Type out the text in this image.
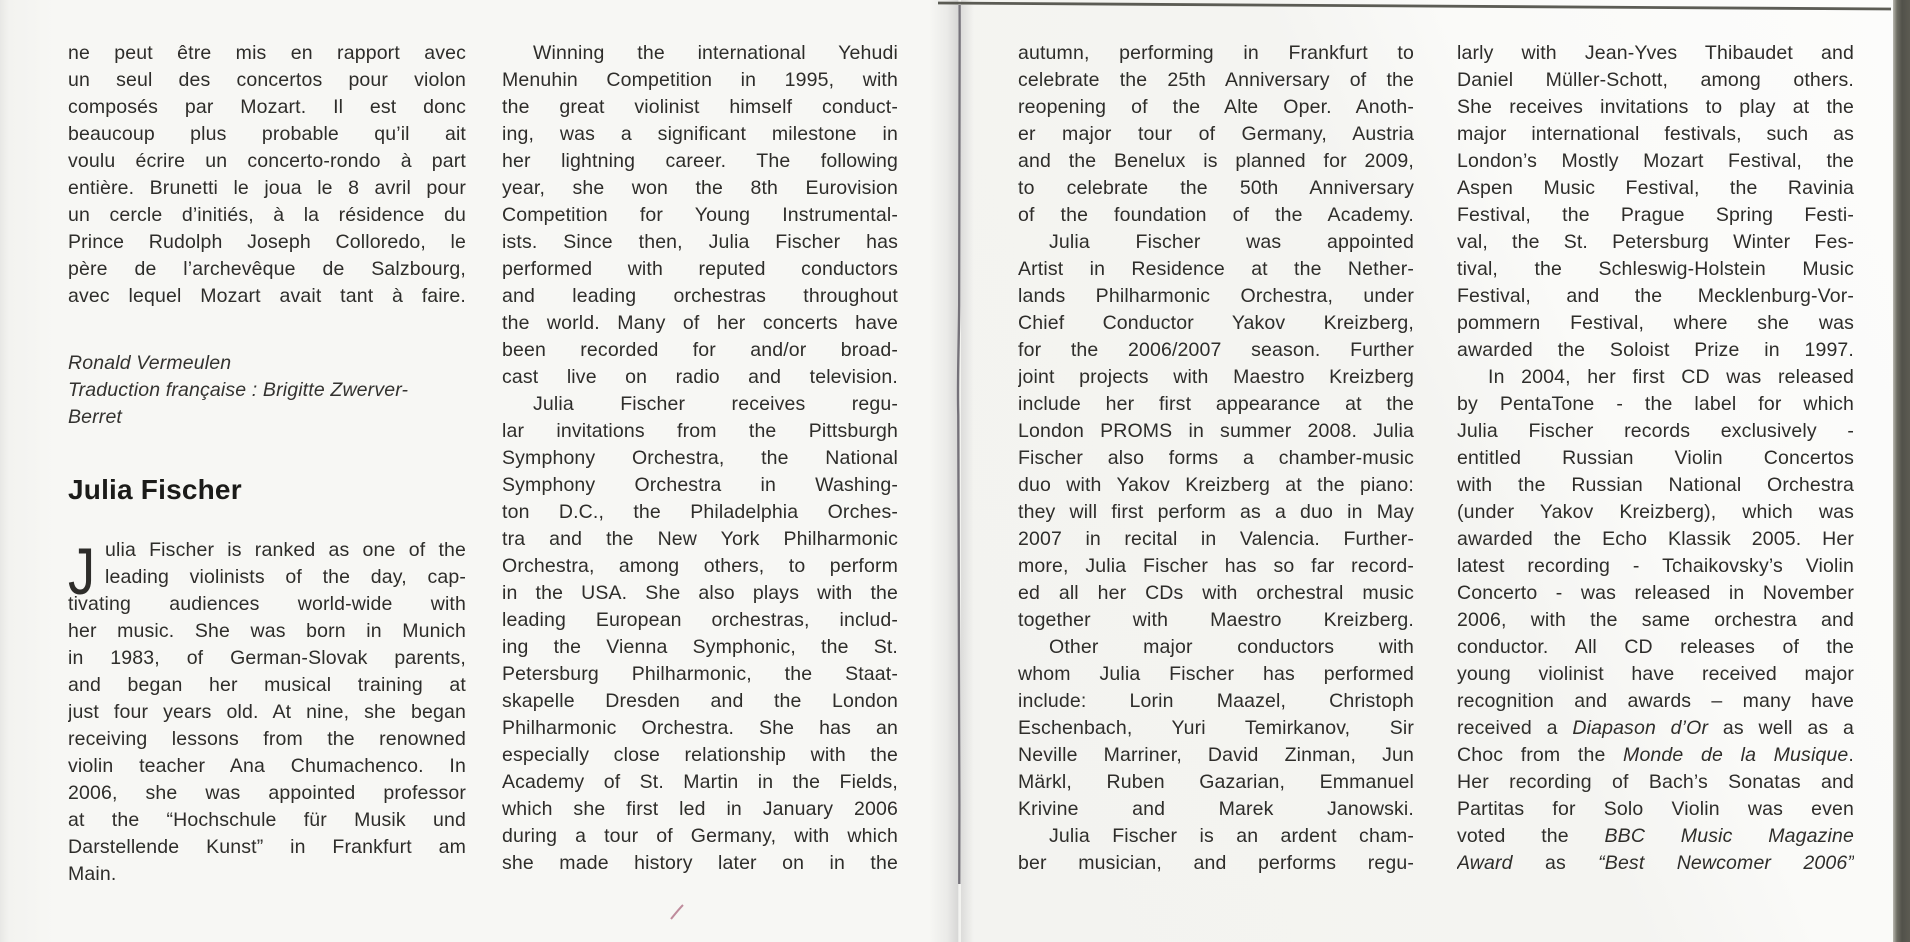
ne peut être mis en rapport avec
un seul des concertos pour violon
composés par Mozart. Il est donc
beaucoup plus probable qu’il ait
voulu écrire un concerto-rondo à part
entière. Brunetti le joua le 8 avril pour
un cercle d’initiés, à la résidence du
Prince Rudolph Joseph Colloredo, le
père de l’archevêque de Salzbourg,
avec lequel Mozart avait tant à faire.
Ronald Vermeulen
Traduction française : Brigitte Zwerver-
Berret
Julia Fischer
J ulia Fischer is ranked as one of the
leading violinists of the day, cap-
tivating audiences world-wide with
her music. She was born in Munich
in 1983, of German-Slovak parents,
and began her musical training at
just four years old. At nine, she began
receiving lessons from the renowned
violin teacher Ana Chumachenco. In
2006, she was appointed professor
at the “Hochschule für Musik und
Darstellende Kunst” in Frankfurt am
Main.
Winning the international Yehudi
Menuhin Competition in 1995, with
the great violinist himself conduct-
ing, was a significant milestone in
her lightning career. The following
year, she won the 8th Eurovision
Competition for Young Instrumental-
ists. Since then, Julia Fischer has
performed with reputed conductors
and leading orchestras throughout
the world. Many of her concerts have
been recorded for and/or broad-
cast live on radio and television.
Julia Fischer receives regu-
lar invitations from the Pittsburgh
Symphony Orchestra, the National
Symphony Orchestra in Washing-
ton D.C., the Philadelphia Orches-
tra and the New York Philharmonic
Orchestra, among others, to perform
in the USA. She also plays with the
leading European orchestras, includ-
ing the Vienna Symphonic, the St.
Petersburg Philharmonic, the Staat-
skapelle Dresden and the London
Philharmonic Orchestra. She has an
especially close relationship with the
Academy of St. Martin in the Fields,
which she first led in January 2006
during a tour of Germany, with which
she made history later on in the
autumn, performing in Frankfurt to
celebrate the 25th Anniversary of the
reopening of the Alte Oper. Anoth-
er major tour of Germany, Austria
and the Benelux is planned for 2009,
to celebrate the 50th Anniversary
of the foundation of the Academy.
Julia Fischer was appointed
Artist in Residence at the Nether-
lands Philharmonic Orchestra, under
Chief Conductor Yakov Kreizberg,
for the 2006/2007 season. Further
joint projects with Maestro Kreizberg
include her first appearance at the
London PROMS in summer 2008. Julia
Fischer also forms a chamber-music
duo with Yakov Kreizberg at the piano:
they will first perform as a duo in May
2007 in recital in Valencia. Further-
more, Julia Fischer has so far record-
ed all her CDs with orchestral music
together with Maestro Kreizberg.
Other major conductors with
whom Julia Fischer has performed
include: Lorin Maazel, Christoph
Eschenbach, Yuri Temirkanov, Sir
Neville Marriner, David Zinman, Jun
Märkl, Ruben Gazarian, Emmanuel
Krivine and Marek Janowski.
Julia Fischer is an ardent cham-
ber musician, and performs regu-
larly with Jean-Yves Thibaudet and
Daniel Müller-Schott, among others.
She receives invitations to play at the
major international festivals, such as
London’s Mostly Mozart Festival, the
Aspen Music Festival, the Ravinia
Festival, the Prague Spring Festi-
val, the St. Petersburg Winter Fes-
tival, the Schleswig-Holstein Music
Festival, and the Mecklenburg-Vor-
pommern Festival, where she was
awarded the Soloist Prize in 1997.
In 2004, her first CD was released
by PentaTone - the label for which
Julia Fischer records exclusively -
entitled Russian Violin Concertos
with the Russian National Orchestra
(under Yakov Kreizberg), which was
awarded the Echo Klassik 2005. Her
latest recording - Tchaikovsky’s Violin
Concerto - was released in November
2006, with the same orchestra and
conductor. All CD releases of the
young violinist have received major
recognition and awards – many have
received a Diapason d’Or as well as a
Choc from the Monde de la Musique.
Her recording of Bach’s Sonatas and
Partitas for Solo Violin was even
voted the BBC Music Magazine
Award as “Best Newcomer 2006”
